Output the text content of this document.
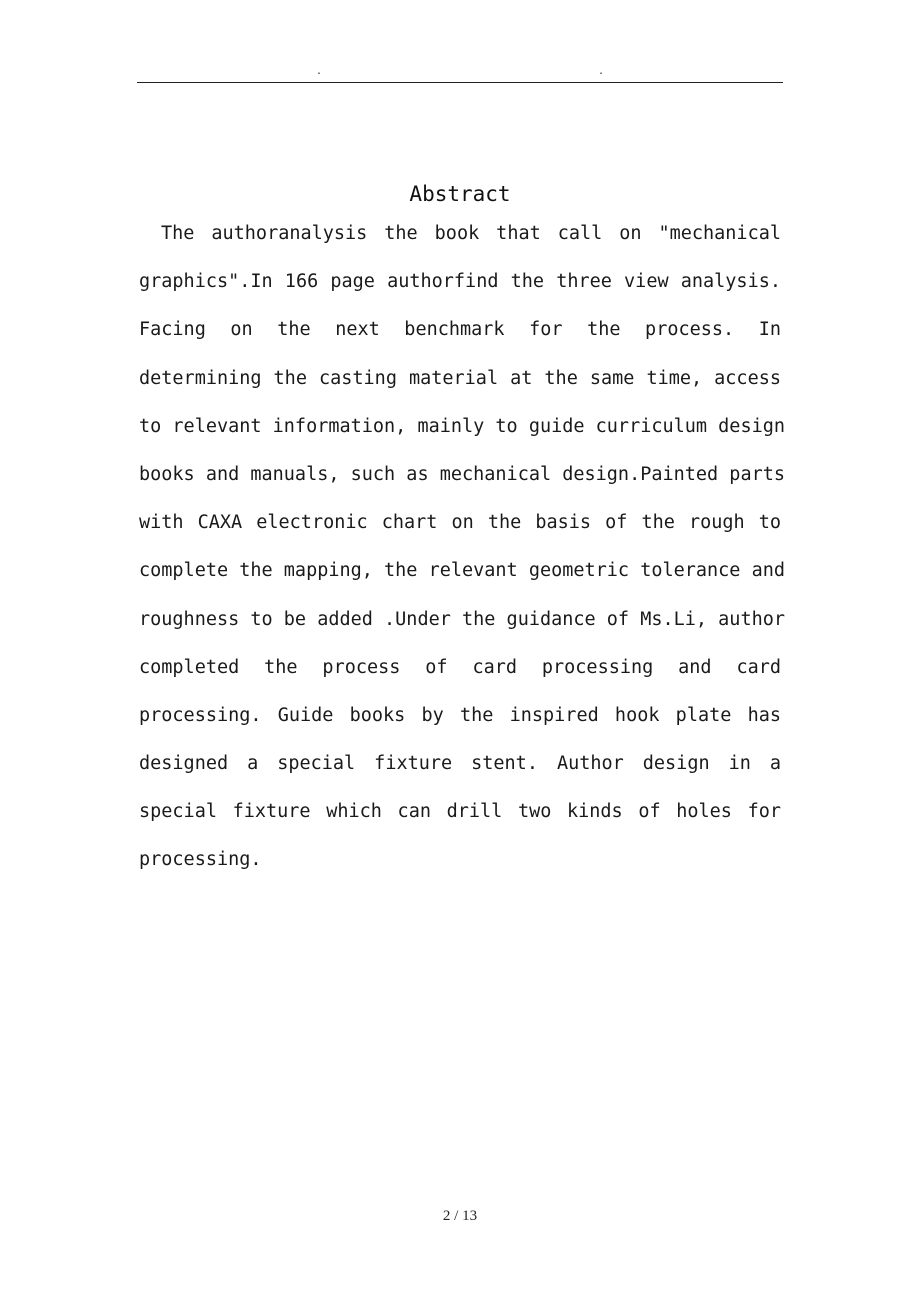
.	.
Abstract
The authoranalysis the book that call on "mechanical
graphics".In 166 page authorfind the three view analysis.
Facing on the next benchmark for the process. In
determining the casting material at the same time, access
to relevant information, mainly to guide curriculum design
books and manuals, such as mechanical design.Painted parts
with CAXA electronic chart on the basis of the rough to
complete the mapping, the relevant geometric tolerance and
roughness to be added .Under the guidance of Ms.Li, author
completed the process of card processing and card
processing. Guide books by the inspired hook plate has
designed a special fixture stent. Author design in a
special fixture which can drill two kinds of holes for
processing.
2 / 13
